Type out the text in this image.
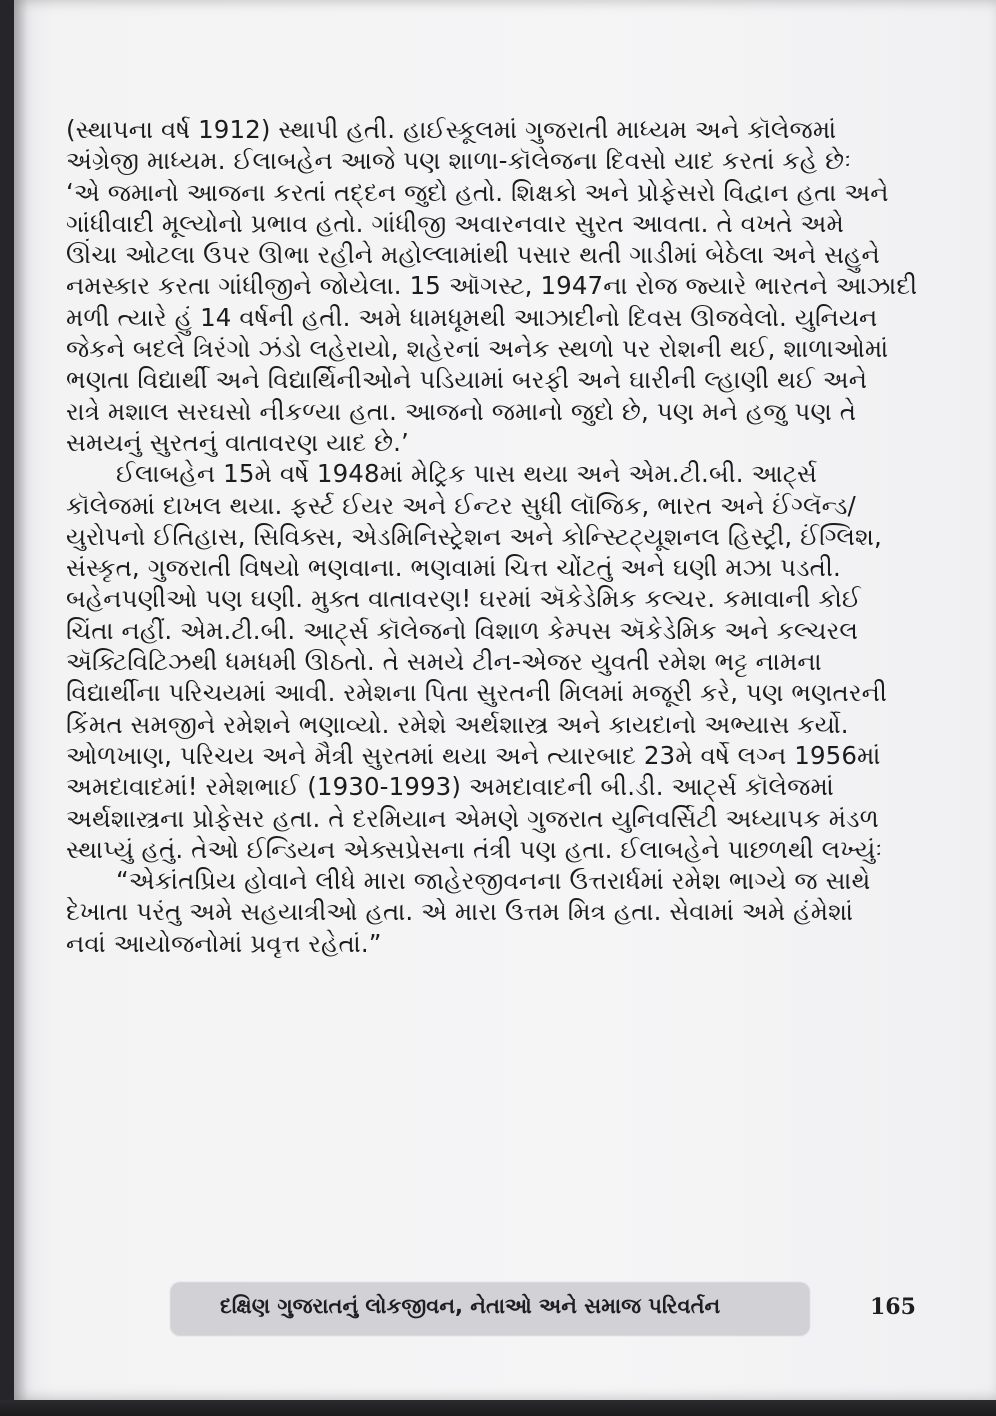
(સ્થાપના વર્ષ 1912) સ્થાપી હતી. હાઈસ્કૂલમાં ગુજરાતી માધ્યમ અને કૉલેજમાં
અંગ્રેજી માધ્યમ. ઈલાબહેન આજે પણ શાળા-કૉલેજના દિવસો યાદ કરતાં કહે છેઃ
‘એ જમાનો આજના કરતાં તદ્દન જુદો હતો. શિક્ષકો અને પ્રોફેસરો વિદ્વાન હતા અને
ગાંધીવાદી મૂલ્યોનો પ્રભાવ હતો. ગાંધીજી અવારનવાર સુરત આવતા. તે વખતે અમે
ઊંચા ઓટલા ઉપર ઊભા રહીને મહોલ્લામાંથી પસાર થતી ગાડીમાં બેઠેલા અને સહુને
નમસ્કાર કરતા ગાંધીજીને જોયેલા. 15 ઑગસ્ટ, 1947ના રોજ જ્યારે ભારતને આઝાદી
મળી ત્યારે હું 14 વર્ષની હતી. અમે ધામધૂમથી આઝાદીનો દિવસ ઊજવેલો. યુનિયન
જેકને બદલે ત્રિરંગો ઝંડો લહેરાયો, શહેરનાં અનેક સ્થળો પર રોશની થઈ, શાળાઓમાં
ભણતા વિદ્યાર્થી અને વિદ્યાર્થિનીઓને પડિયામાં બરફી અને ઘારીની લ્હાણી થઈ અને
રાત્રે મશાલ સરઘસો નીકળ્યા હતા. આજનો જમાનો જુદો છે, પણ મને હજુ પણ તે
સમયનું સુરતનું વાતાવરણ યાદ છે.’

ઈલાબહેન 15મે વર્ષે 1948માં મેટ્રિક પાસ થયા અને એમ.ટી.બી. આર્ટ્સ
કૉલેજમાં દાખલ થયા. ફર્સ્ટ ઈયર અને ઈન્ટર સુધી લૉજિક, ભારત અને ઈંગ્લૅન્ડ/
યુરોપનો ઈતિહાસ, સિવિક્સ, એડમિનિસ્ટ્રેશન અને કોન્સ્ટિટ્યૂશનલ હિસ્ટ્રી, ઈંગ્લિશ,
સંસ્કૃત, ગુજરાતી વિષયો ભણવાના. ભણવામાં ચિત્ત ચોંટતું અને ઘણી મઝા પડતી.
બહેનપણીઓ પણ ઘણી. મુક્ત વાતાવરણ! ઘરમાં ઍકેડેમિક કલ્ચર. કમાવાની કોઈ
ચિંતા નહીં. એમ.ટી.બી. આર્ટ્સ કૉલેજનો વિશાળ કેમ્પસ ઍકેડેમિક અને કલ્ચરલ
ઍક્ટિવિટિઝથી ધમધમી ઊઠતો. તે સમયે ટીન-એજર યુવતી રમેશ ભટ્ટ નામના
વિદ્યાર્થીના પરિચયમાં આવી. રમેશના પિતા સુરતની મિલમાં મજૂરી કરે, પણ ભણતરની
કિંમત સમજીને રમેશને ભણાવ્યો. રમેશે અર્થશાસ્ત્ર અને કાયદાનો અભ્યાસ કર્યો.
ઓળખાણ, પરિચય અને મૈત્રી સુરતમાં થયા અને ત્યારબાદ 23મે વર્ષે લગ્ન 1956માં
અમદાવાદમાં! રમેશભાઈ (1930-1993) અમદાવાદની બી.ડી. આર્ટ્સ કૉલેજમાં
અર્થશાસ્ત્રના પ્રોફેસર હતા. તે દરમિયાન એમણે ગુજરાત યુનિવર્સિટી અધ્યાપક મંડળ
સ્થાપ્યું હતું. તેઓ ઈન્ડિયન એક્સપ્રેસના તંત્રી પણ હતા. ઈલાબહેને પાછળથી લખ્યુંઃ

“એકાંતપ્રિય હોવાને લીધે મારા જાહેરજીવનના ઉત્તરાર્ધમાં રમેશ ભાગ્યે જ સાથે
દેખાતા પરંતુ અમે સહયાત્રીઓ હતા. એ મારા ઉત્તમ મિત્ર હતા. સેવામાં અમે હંમેશાં
નવાં આયોજનોમાં પ્રવૃત્ત રહેતાં.”

દક્ષિણ ગુજરાતનું લોકજીવન, નેતાઓ અને સમાજ પરિવર્તન	165
